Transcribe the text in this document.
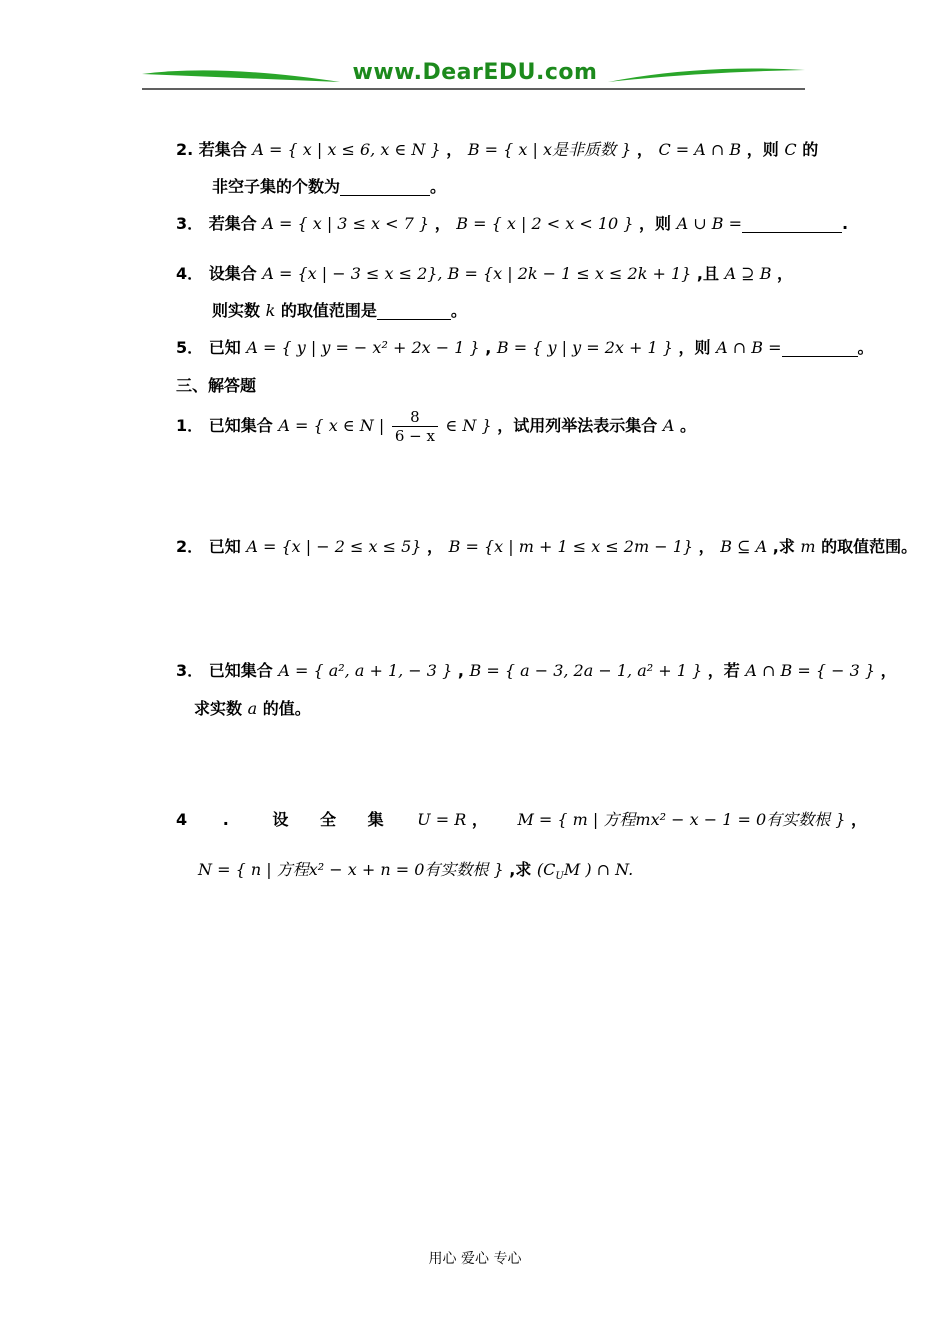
www.DearEDU.com
2. 若集合 A = { x | x ≤ 6, x ∈ N } ， B = { x | x是非质数 } ， C = A ∩ B ，则 C 的
非空子集的个数为	。
3． 若集合 A = { x | 3 ≤ x < 7 } ， B = { x | 2 < x < 10 } ，则 A ∪ B =	.
4． 设集合 A = {x | − 3 ≤ x ≤ 2}, B = {x | 2k − 1 ≤ x ≤ 2k + 1} ,且 A ⊇ B ，
则实数 k 的取值范围是	。
5． 已知 A = { y | y = − x² + 2x − 1 } , B = { y | y = 2x + 1 } ，则 A ∩ B =	。
三、解答题
1． 已知集合 A = { x ∈ N | $\frac{8}{6 - x}$ ∈ N } ，试用列举法表示集合 A 。
2． 已知 A = {x | − 2 ≤ x ≤ 5} ， B = {x | m + 1 ≤ x ≤ 2m − 1} ， B ⊆ A ,求 m 的取值范围。
3． 已知集合 A = { a², a + 1, − 3 } , B = { a − 3, 2a − 1, a² + 1 } ，若 A ∩ B = { − 3 } ，
求实数 a 的值。
4 .	设 全 集 U = R ， M = { m | 方程mx² − x − 1 = 0有实数根 } ，
N = { n | 方程x² − x + n = 0有实数根 } ,求 ($C_UM$ ) ∩ N.
用心 爱心 专心
